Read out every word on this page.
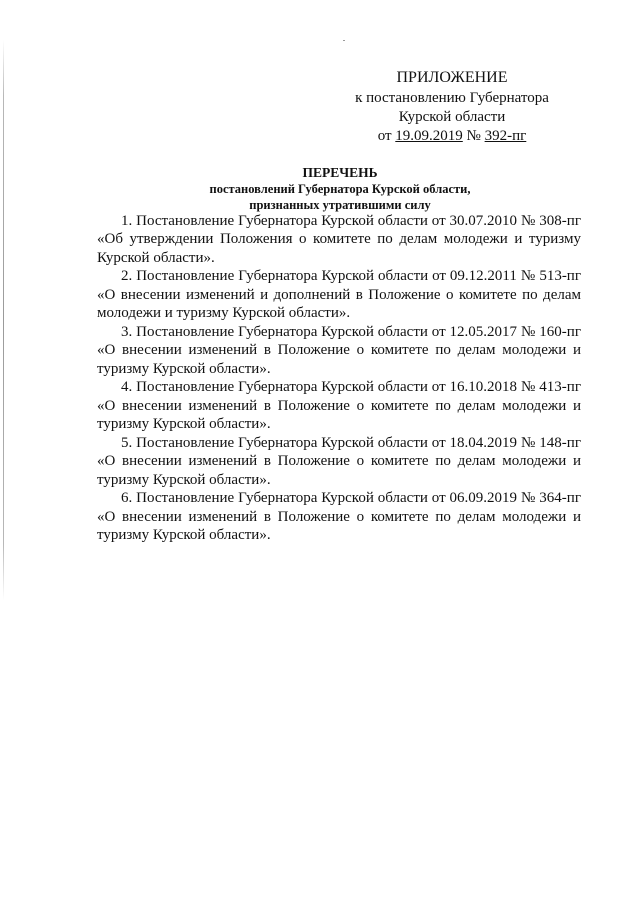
ПРИЛОЖЕНИЕ
к постановлению Губернатора
Курской области
от 19.09.2019 № 392-пг
ПЕРЕЧЕНЬ
постановлений Губернатора Курской области,
признанных утратившими силу

1. Постановление Губернатора Курской области от 30.07.2010 № 308-пг «Об утверждении Положения о комитете по делам молодежи и туризму Курской области».

2. Постановление Губернатора Курской области от 09.12.2011 № 513-пг «О внесении изменений и дополнений в Положение о комитете по делам молодежи и туризму Курской области».

3. Постановление Губернатора Курской области от 12.05.2017 № 160-пг «О внесении изменений в Положение о комитете по делам молодежи и туризму Курской области».

4. Постановление Губернатора Курской области от 16.10.2018 № 413-пг «О внесении изменений в Положение о комитете по делам молодежи и туризму Курской области».

5. Постановление Губернатора Курской области от 18.04.2019 № 148-пг «О внесении изменений в Положение о комитете по делам молодежи и туризму Курской области».

6. Постановление Губернатора Курской области от 06.09.2019 № 364-пг «О внесении изменений в Положение о комитете по делам молодежи и туризму Курской области».
